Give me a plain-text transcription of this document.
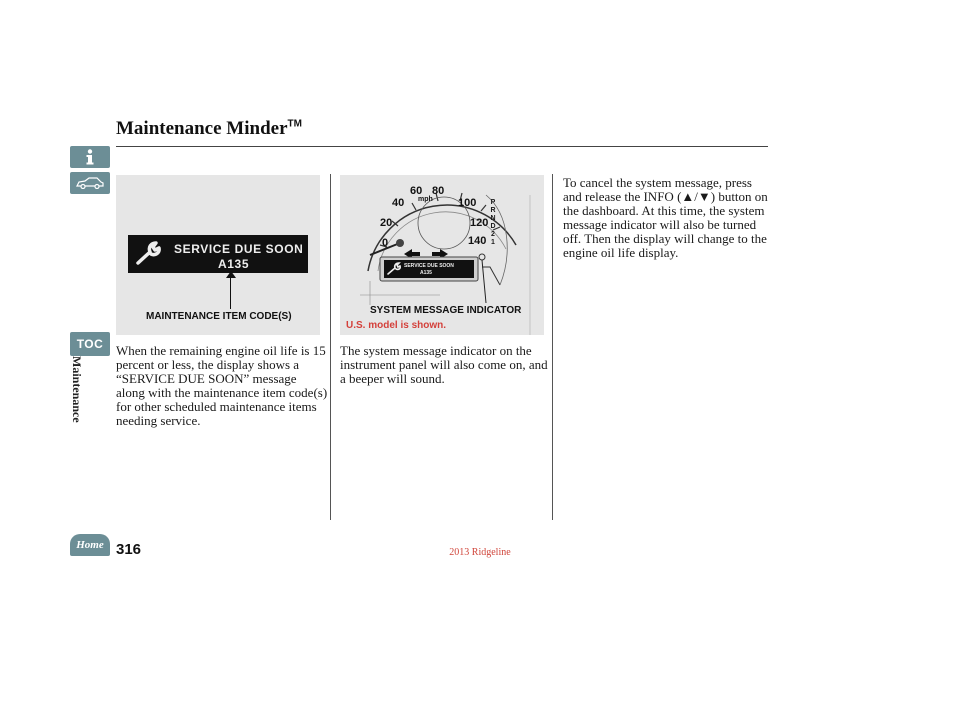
TOC
Maintenance
Home
Maintenance Minder™
SERVICE DUE SOON
A135
MAINTENANCE ITEM CODE(S)
60 80
mph
40	100
20	120
0	140
P
R
N
D
2
1
SERVICE DUE SOON
A135
SYSTEM MESSAGE INDICATOR
U.S. model is shown.
When the remaining engine oil life is 15 percent or less, the display shows a “SERVICE DUE SOON” message along with the maintenance item code(s) for other scheduled maintenance items needing service.
The system message indicator on the instrument panel will also come on, and a beeper will sound.
To cancel the system message, press and release the INFO (▲/▼) button on the dashboard. At this time, the system message indicator will also be turned off. Then the display will change to the engine oil life display.
316	2013 Ridgeline
